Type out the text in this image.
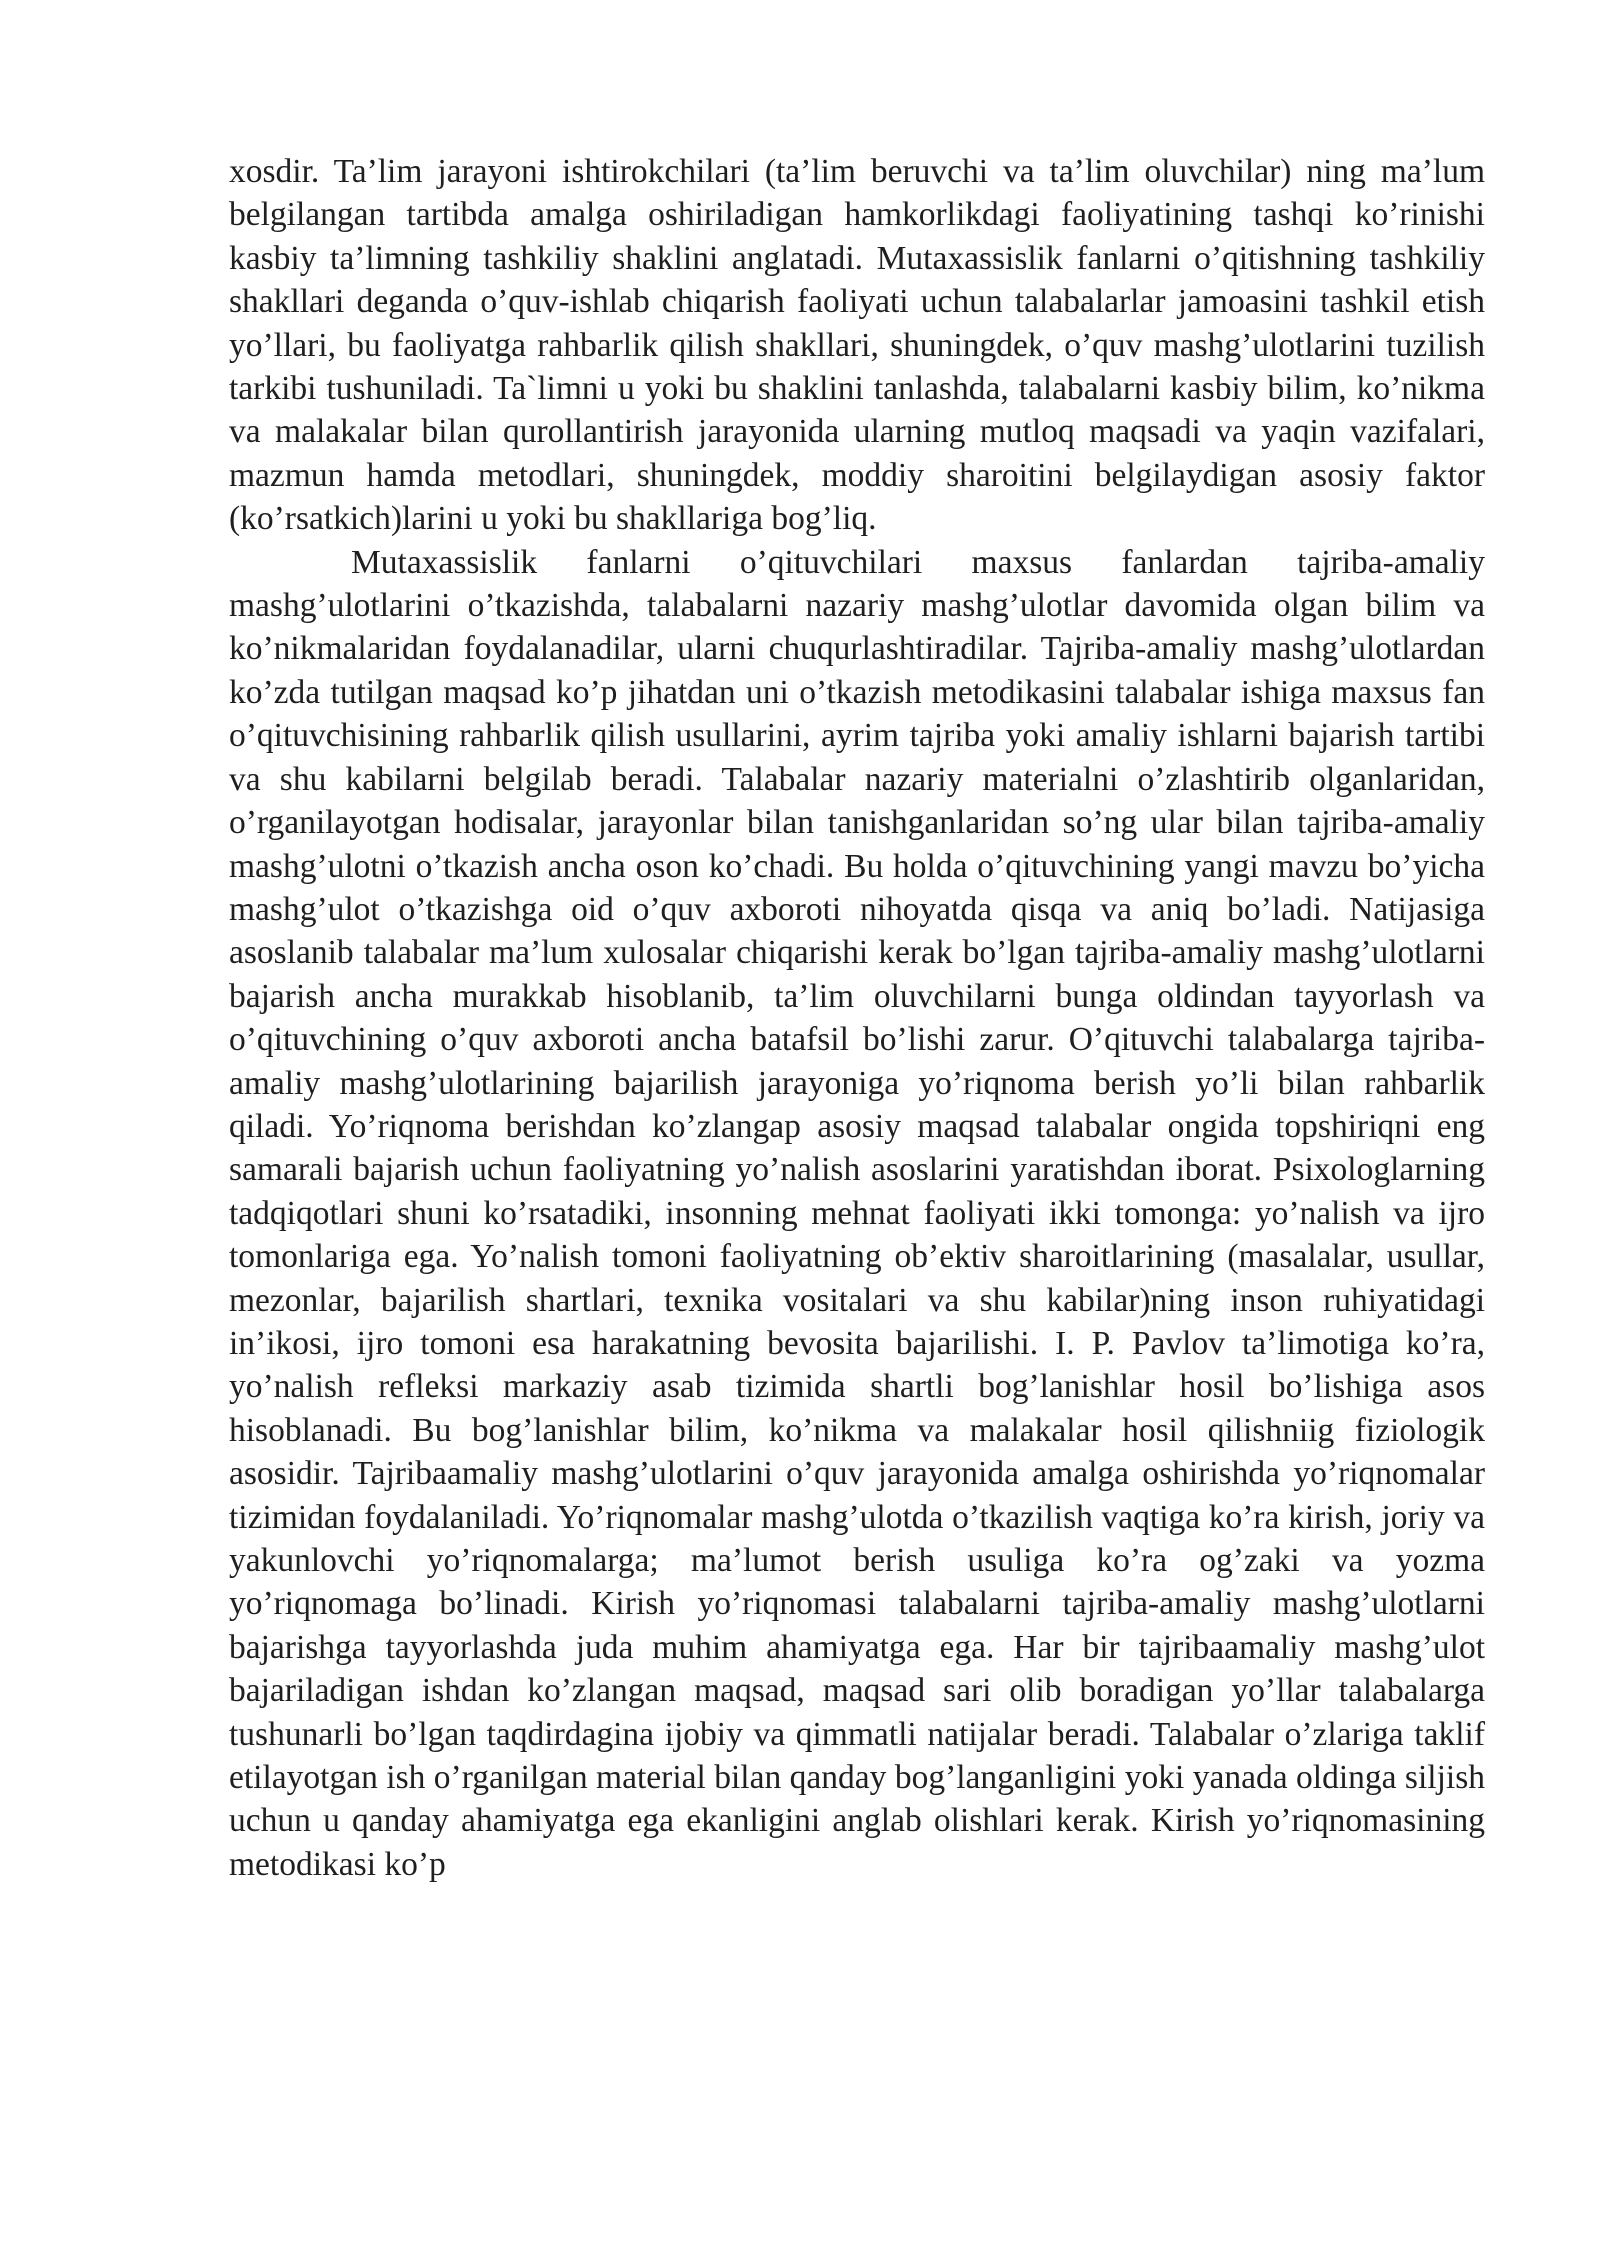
xosdir. Ta’lim jarayoni ishtirokchilari (ta’lim beruvchi va ta’lim oluvchilar) ning ma’lum belgilangan tartibda amalga oshiriladigan hamkorlikdagi faoliyatining tashqi ko’rinishi kasbiy ta’limning tashkiliy shaklini anglatadi. Mutaxassislik fanlarni o’qitishning tashkiliy shakllari deganda o’quv-ishlab chiqarish faoliyati uchun talabalarlar jamoasini tashkil etish yo’llari, bu faoliyatga rahbarlik qilish shakllari, shuningdek, o’quv mashg’ulotlarini tuzilish tarkibi tushuniladi. Ta`limni u yoki bu shaklini tanlashda, talabalarni kasbiy bilim, ko’nikma va malakalar bilan qurollantirish jarayonida ularning mutloq maqsadi va yaqin vazifalari, mazmun hamda metodlari, shuningdek, moddiy sharoitini belgilaydigan asosiy faktor (ko’rsatkich)larini u yoki bu shakllariga bog’liq.

Mutaxassislik fanlarni o’qituvchilari maxsus fanlardan tajriba-amaliy mashg’ulotlarini o’tkazishda, talabalarni nazariy mashg’ulotlar davomida olgan bilim va ko’nikmalaridan foydalanadilar, ularni chuqurlashtiradilar. Tajriba-amaliy mashg’ulotlardan ko’zda tutilgan maqsad ko’p jihatdan uni o’tkazish metodikasini talabalar ishiga maxsus fan o’qituvchisining rahbarlik qilish usullarini, ayrim tajriba yoki amaliy ishlarni bajarish tartibi va shu kabilarni belgilab beradi. Talabalar nazariy materialni o’zlashtirib olganlaridan, o’rganilayotgan hodisalar, jarayonlar bilan tanishganlaridan so’ng ular bilan tajriba-amaliy mashg’ulotni o’tkazish ancha oson ko’chadi. Bu holda o’qituvchining yangi mavzu bo’yicha mashg’ulot o’tkazishga oid o’quv axboroti nihoyatda qisqa va aniq bo’ladi. Natijasiga asoslanib talabalar ma’lum xulosalar chiqarishi kerak bo’lgan tajriba-amaliy mashg’ulotlarni bajarish ancha murakkab hisoblanib, ta’lim oluvchilarni bunga oldindan tayyorlash va o’qituvchining o’quv axboroti ancha batafsil bo’lishi zarur. O’qituvchi talabalarga tajriba-amaliy mashg’ulotlarining bajarilish jarayoniga yo’riqnoma berish yo’li bilan rahbarlik qiladi. Yo’riqnoma berishdan ko’zlangap asosiy maqsad talabalar ongida topshiriqni eng samarali bajarish uchun faoliyatning yo’nalish asoslarini yaratishdan iborat. Psixologlarning tadqiqotlari shuni ko’rsatadiki, insonning mehnat faoliyati ikki tomonga: yo’nalish va ijro tomonlariga ega. Yo’nalish tomoni faoliyatning ob’ektiv sharoitlarining (masalalar, usullar, mezonlar, bajarilish shartlari, texnika vositalari va shu kabilar)ning inson ruhiyatidagi in’ikosi, ijro tomoni esa harakatning bevosita bajarilishi. I. P. Pavlov ta’limotiga ko’ra, yo’nalish refleksi markaziy asab tizimida shartli bog’lanishlar hosil bo’lishiga asos hisoblanadi. Bu bog’lanishlar bilim, ko’nikma va malakalar hosil qilishniig fiziologik asosidir. Tajribaamaliy mashg’ulotlarini o’quv jarayonida amalga oshirishda yo’riqnomalar tizimidan foydalaniladi. Yo’riqnomalar mashg’ulotda o’tkazilish vaqtiga ko’ra kirish, joriy va yakunlovchi yo’riqnomalarga; ma’lumot berish usuliga ko’ra og’zaki va yozma yo’riqnomaga bo’linadi. Kirish yo’riqnomasi talabalarni tajriba-amaliy mashg’ulotlarni bajarishga tayyorlashda juda muhim ahamiyatga ega. Har bir tajribaamaliy mashg’ulot bajariladigan ishdan ko’zlangan maqsad, maqsad sari olib boradigan yo’llar talabalarga tushunarli bo’lgan taqdirdagina ijobiy va qimmatli natijalar beradi. Talabalar o’zlariga taklif etilayotgan ish o’rganilgan material bilan qanday bog’langanligini yoki yanada oldinga siljish uchun u qanday ahamiyatga ega ekanligini anglab olishlari kerak. Kirish yo’riqnomasining metodikasi ko’p
